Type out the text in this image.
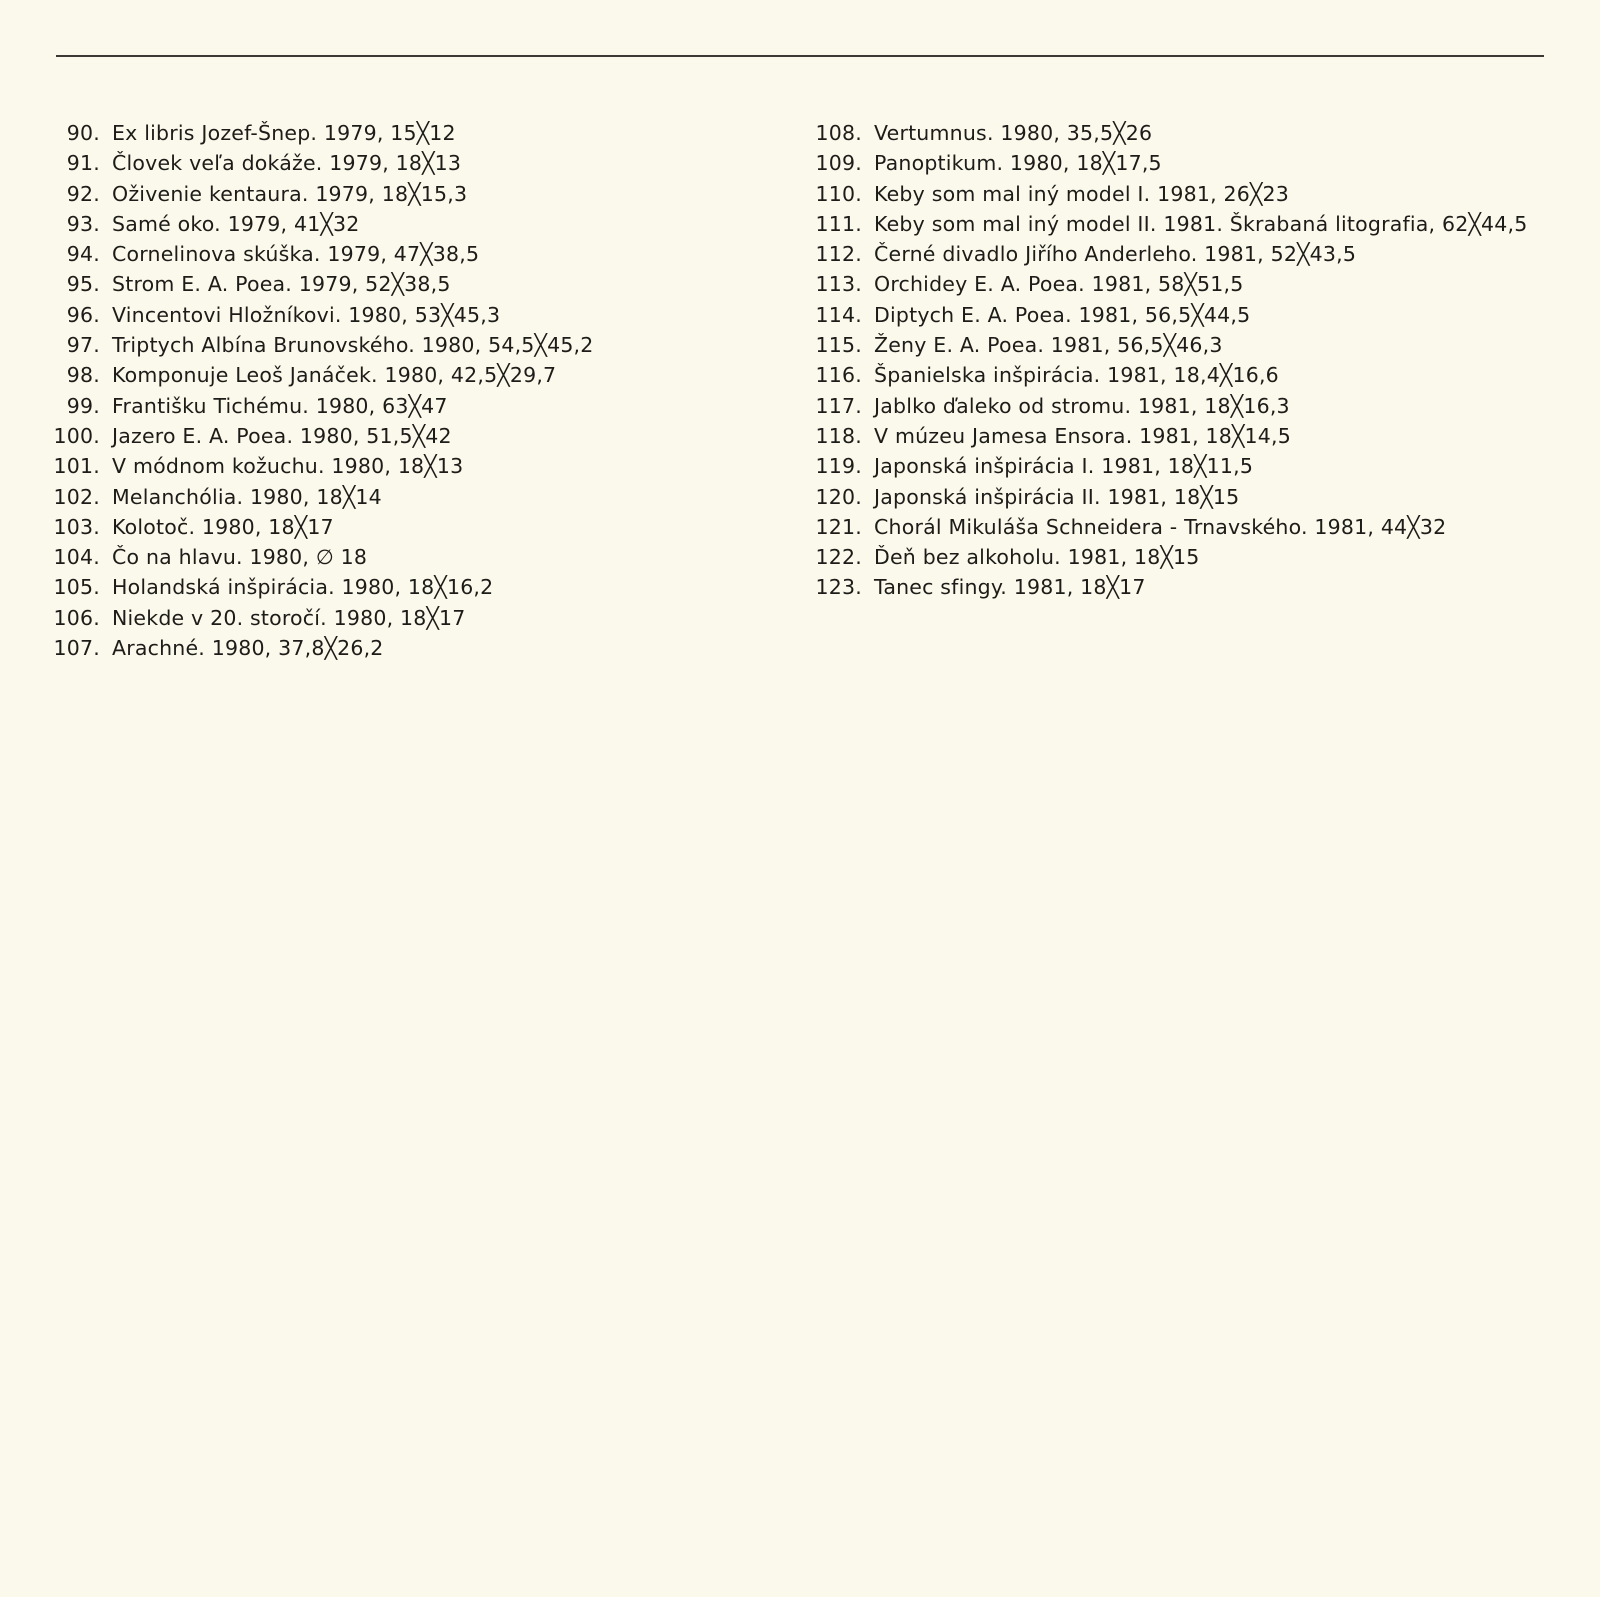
90. Ex libris Jozef-Šnep. 1979, 15╳12
91. Človek veľa dokáže. 1979, 18╳13
92. Oživenie kentaura. 1979, 18╳15,3
93. Samé oko. 1979, 41╳32
94. Cornelinova skúška. 1979, 47╳38,5
95. Strom E. A. Poea. 1979, 52╳38,5
96. Vincentovi Hložníkovi. 1980, 53╳45,3
97. Triptych Albína Brunovského. 1980, 54,5╳45,2
98. Komponuje Leoš Janáček. 1980, 42,5╳29,7
99. Františku Tichému. 1980, 63╳47
100. Jazero E. A. Poea. 1980, 51,5╳42
101. V módnom kožuchu. 1980, 18╳13
102. Melanchólia. 1980, 18╳14
103. Kolotoč. 1980, 18╳17
104. Čo na hlavu. 1980, ∅ 18
105. Holandská inšpirácia. 1980, 18╳16,2
106. Niekde v 20. storočí. 1980, 18╳17
107. Arachné. 1980, 37,8╳26,2
108. Vertumnus. 1980, 35,5╳26
109. Panoptikum. 1980, 18╳17,5
110. Keby som mal iný model I. 1981, 26╳23
111. Keby som mal iný model II. 1981. Škrabaná litografia, 62╳44,5
112. Černé divadlo Jiřího Anderleho. 1981, 52╳43,5
113. Orchidey E. A. Poea. 1981, 58╳51,5
114. Diptych E. A. Poea. 1981, 56,5╳44,5
115. Ženy E. A. Poea. 1981, 56,5╳46,3
116. Španielska inšpirácia. 1981, 18,4╳16,6
117. Jablko ďaleko od stromu. 1981, 18╳16,3
118. V múzeu Jamesa Ensora. 1981, 18╳14,5
119. Japonská inšpirácia I. 1981, 18╳11,5
120. Japonská inšpirácia II. 1981, 18╳15
121. Chorál Mikuláša Schneidera - Trnavského. 1981, 44╳32
122. Ďeň bez alkoholu. 1981, 18╳15
123. Tanec sfingy. 1981, 18╳17
